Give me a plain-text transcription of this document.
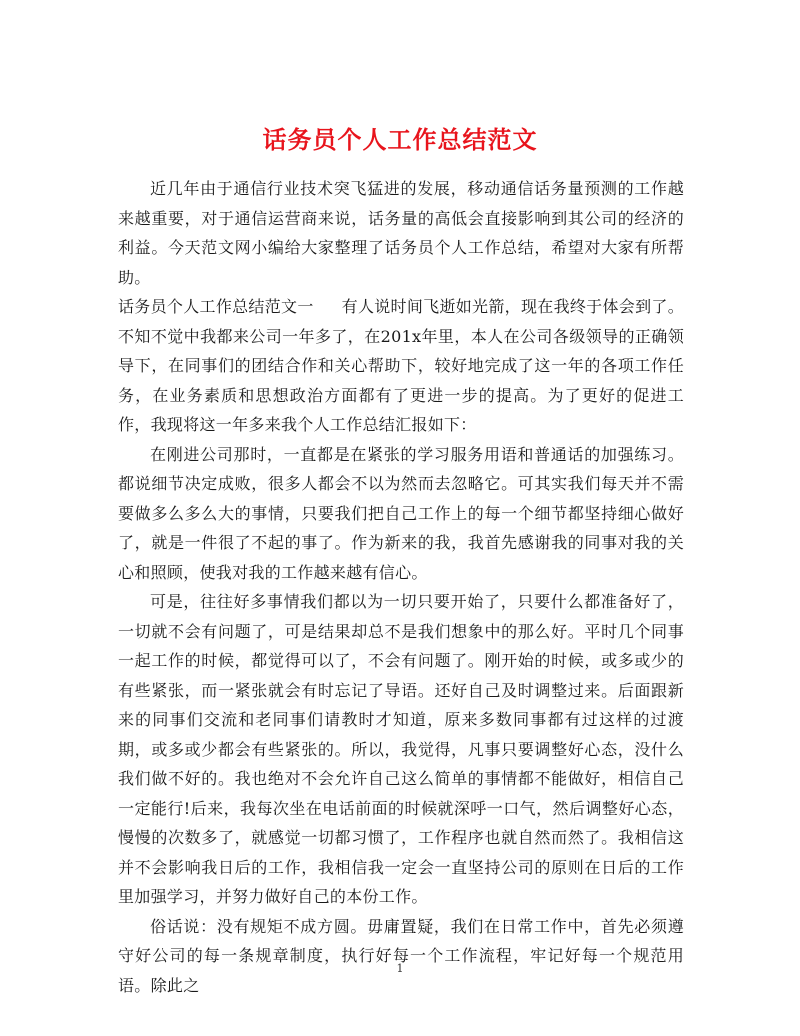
话务员个人工作总结范文

近几年由于通信行业技术突飞猛进的发展，移动通信话务量预测的工作越来越重要，对于通信运营商来说，话务量的高低会直接影响到其公司的经济的利益。今天范文网小编给大家整理了话务员个人工作总结，希望对大家有所帮助。

话务员个人工作总结范文一 有人说时间飞逝如光箭，现在我终于体会到了。不知不觉中我都来公司一年多了，在201x年里，本人在公司各级领导的正确领导下，在同事们的团结合作和关心帮助下，较好地完成了这一年的各项工作任务，在业务素质和思想政治方面都有了更进一步的提高。为了更好的促进工作，我现将这一年多来我个人工作总结汇报如下：

在刚进公司那时，一直都是在紧张的学习服务用语和普通话的加强练习。都说细节决定成败，很多人都会不以为然而去忽略它。可其实我们每天并不需要做多么多么大的事情，只要我们把自己工作上的每一个细节都坚持细心做好了，就是一件很了不起的事了。作为新来的我，我首先感谢我的同事对我的关心和照顾，使我对我的工作越来越有信心。

可是，往往好多事情我们都以为一切只要开始了，只要什么都准备好了，一切就不会有问题了，可是结果却总不是我们想象中的那么好。平时几个同事一起工作的时候，都觉得可以了，不会有问题了。刚开始的时候，或多或少的有些紧张，而一紧张就会有时忘记了导语。还好自己及时调整过来。后面跟新来的同事们交流和老同事们请教时才知道，原来多数同事都有过这样的过渡期，或多或少都会有些紧张的。所以，我觉得，凡事只要调整好心态，没什么我们做不好的。我也绝对不会允许自己这么简单的事情都不能做好，相信自己一定能行!后来，我每次坐在电话前面的时候就深呼一口气，然后调整好心态，慢慢的次数多了，就感觉一切都习惯了，工作程序也就自然而然了。我相信这并不会影响我日后的工作，我相信我一定会一直坚持公司的原则在日后的工作里加强学习，并努力做好自己的本份工作。

俗话说：没有规矩不成方圆。毋庸置疑，我们在日常工作中，首先必须遵守好公司的每一条规章制度，执行好每一个工作流程，牢记好每一个规范用语。除此之

1
